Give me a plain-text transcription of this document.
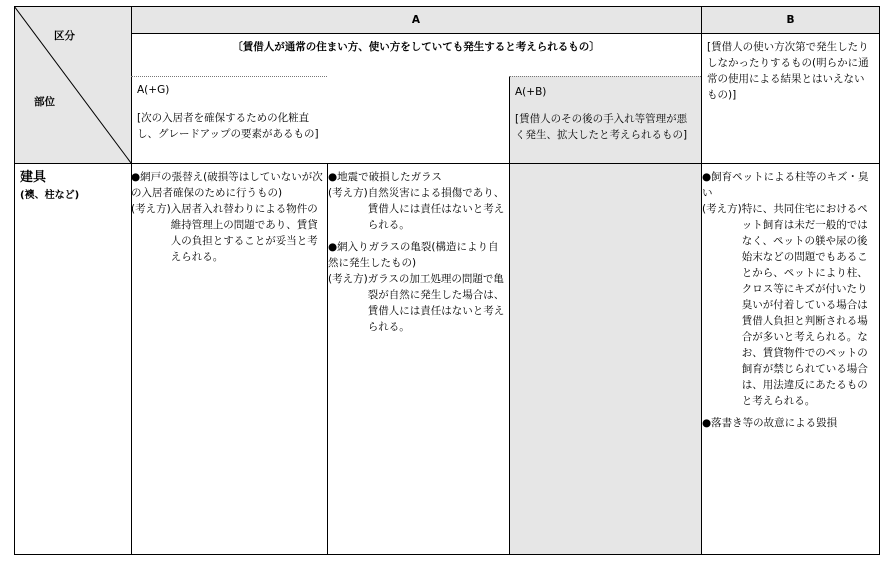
区分
部位
A	B
〔賃借人が通常の住まい方、使い方をしていても発生すると考えられるもの〕	[賃借人の使い方次第で発生したりしなかったりするもの(明らかに通常の使用による結果とはいえないもの)]
A(+G)
[次の入居者を確保するための化粧直し、グレードアップの要素があるもの]
A(+B)
[賃借人のその後の手入れ等管理が悪く発生、拡大したと考えられるもの]
建具
(襖、柱など)
●網戸の張替え(破損等はしていないが次の入居者確保のために行うもの)
(考え方) 入居者入れ替わりによる物件の維持管理上の問題であり、賃貸人の負担とすることが妥当と考えられる。
●地震で破損したガラス
(考え方) 自然災害による損傷であり、賃借人には責任はないと考えられる。
●網入りガラスの亀裂(構造により自然に発生したもの)
(考え方) ガラスの加工処理の問題で亀裂が自然に発生した場合は、賃借人には責任はないと考えられる。
●飼育ペットによる柱等のキズ・臭い
(考え方) 特に、共同住宅におけるペット飼育は未だ一般的ではなく、ペットの躾や尿の後始末などの問題でもあることから、ペットにより柱、クロス等にキズが付いたり臭いが付着している場合は賃借人負担と判断される場合が多いと考えられる。なお、賃貸物件でのペットの飼育が禁じられている場合は、用法違反にあたるものと考えられる。
●落書き等の故意による毀損
